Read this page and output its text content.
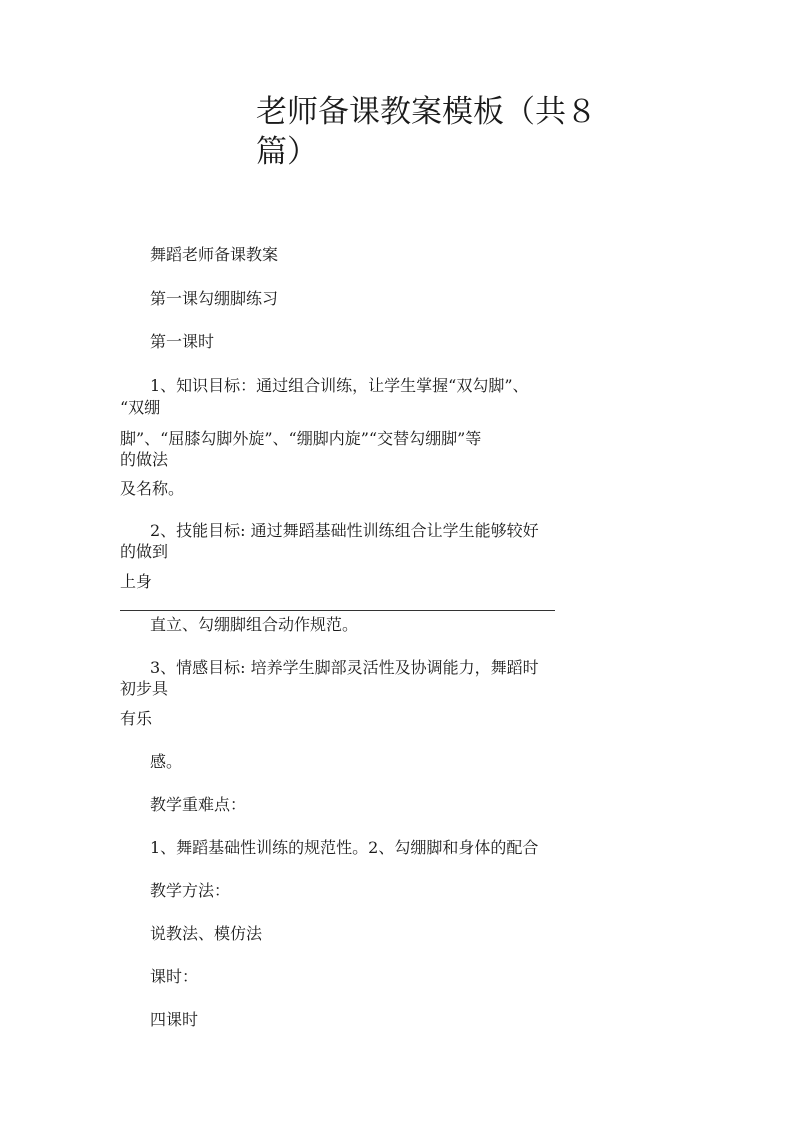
老师备课教案模板（共８
篇）

舞蹈老师备课教案

第一课勾绷脚练习

第一课时

1、知识目标：通过组合训练，让学生掌握“双勾脚”、

“双绷

脚”、“屈膝勾脚外旋”、“绷脚内旋”“交替勾绷脚”等

的做法

及名称。

2、技能目标: 通过舞蹈基础性训练组合让学生能够较好

的做到

上身

直立、勾绷脚组合动作规范。

3、情感目标: 培养学生脚部灵活性及协调能力，舞蹈时

初步具

有乐

感。

教学重难点：

1、舞蹈基础性训练的规范性。2、勾绷脚和身体的配合

教学方法：

说教法、模仿法

课时：

四课时
